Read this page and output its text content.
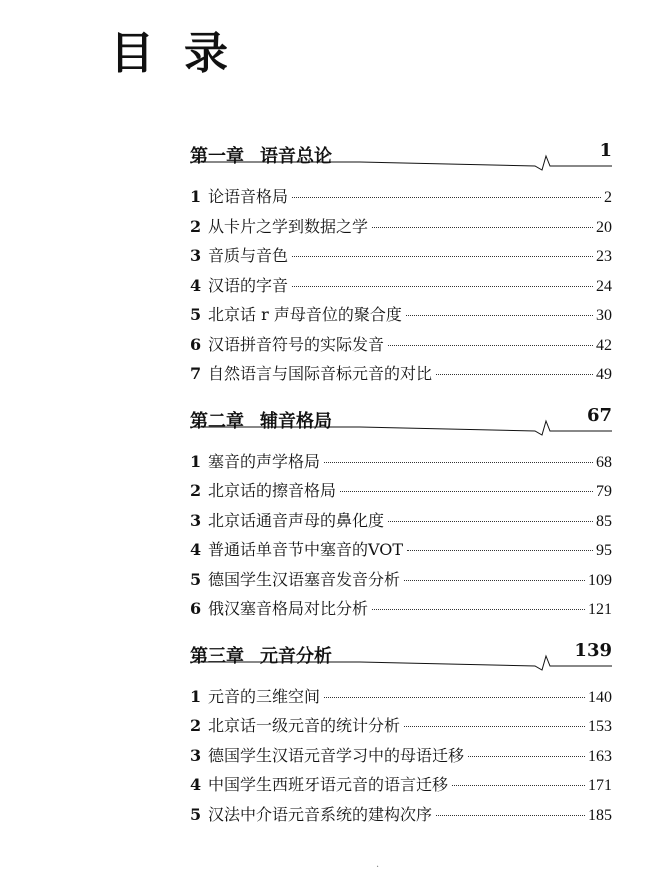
目录
第一章 语音总论	1
1 论语音格局	2
2 从卡片之学到数据之学	20
3 音质与音色	23
4 汉语的字音	24
5 北京话 r 声母音位的聚合度	30
6 汉语拼音符号的实际发音	42
7 自然语言与国际音标元音的对比	49
第二章 辅音格局	67
1 塞音的声学格局	68
2 北京话的擦音格局	79
3 北京话通音声母的鼻化度	85
4 普通话单音节中塞音的VOT	95
5 德国学生汉语塞音发音分析	109
6 俄汉塞音格局对比分析	121
第三章 元音分析	139
1 元音的三维空间	140
2 北京话一级元音的统计分析	153
3 德国学生汉语元音学习中的母语迁移	163
4 中国学生西班牙语元音的语言迁移	171
5 汉法中介语元音系统的建构次序	185
·
